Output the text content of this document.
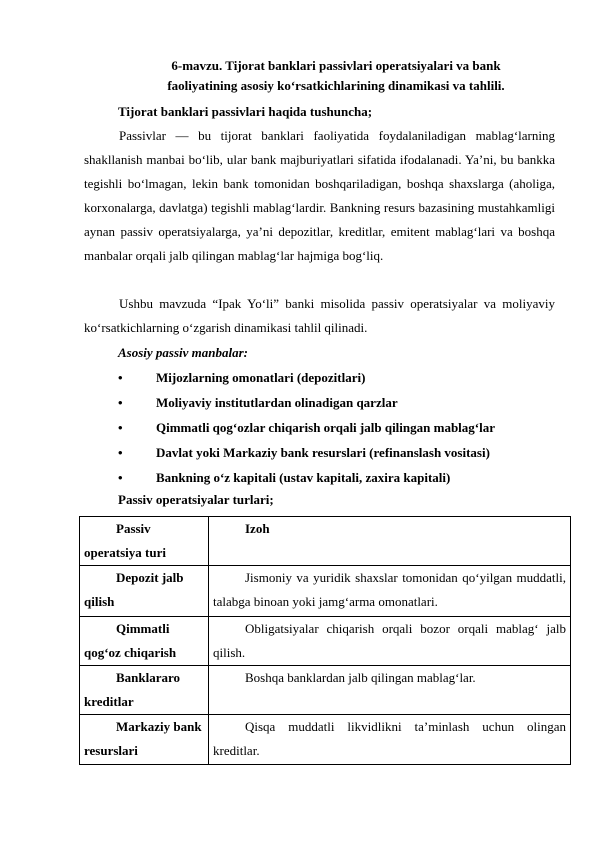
6-mavzu. Tijorat banklari passivlari operatsiyalari va bank
faoliyatining asosiy ko‘rsatkichlarining dinamikasi va tahlili.
Tijorat banklari passivlari haqida tushuncha;

Passivlar — bu tijorat banklari faoliyatida foydalaniladigan mablag‘larning shakllanish manbai bo‘lib, ular bank majburiyatlari sifatida ifodalanadi. Ya’ni, bu bankka tegishli bo‘lmagan, lekin bank tomonidan boshqariladigan, boshqa shaxslarga (aholiga, korxonalarga, davlatga) tegishli mablag‘lardir. Bankning resurs bazasining mustahkamligi aynan passiv operatsiyalarga, ya’ni depozitlar, kreditlar, emitent mablag‘lari va boshqa manbalar orqali jalb qilingan mablag‘lar hajmiga bog‘liq.

Ushbu mavzuda “Ipak Yo‘li” banki misolida passiv operatsiyalar va moliyaviy ko‘rsatkichlarning o‘zgarish dinamikasi tahlil qilinadi.

Asosiy passiv manbalar:
•	Mijozlarning omonatlari (depozitlari)
•	Moliyaviy institutlardan olinadigan qarzlar
•	Qimmatli qog‘ozlar chiqarish orqali jalb qilingan mablag‘lar
•	Davlat yoki Markaziy bank resurslari (refinanslash vositasi)
•	Bankning o‘z kapitali (ustav kapitali, zaxira kapitali)
Passiv operatsiyalar turlari;
Passiv operatsiya turi	Izoh
Depozit jalb qilish	Jismoniy va yuridik shaxslar tomonidan qo‘yilgan muddatli, talabga binoan yoki jamg‘arma omonatlari.
Qimmatli qog‘oz chiqarish	Obligatsiyalar chiqarish orqali bozor orqali mablag‘ jalb qilish.
Banklararo kreditlar	Boshqa banklardan jalb qilingan mablag‘lar.
Markaziy bank resurslari	Qisqa muddatli likvidlikni ta’minlash uchun olingan kreditlar.
